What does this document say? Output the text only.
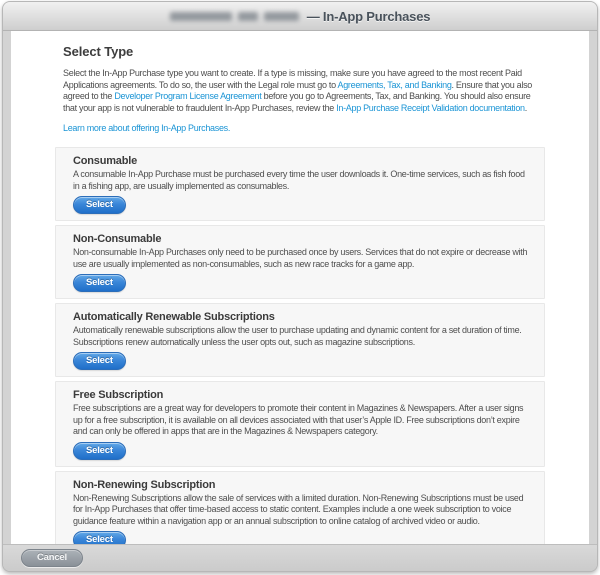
— In-App Purchases
Select Type
Select the In-App Purchase type you want to create. If a type is missing, make sure you have agreed to the most recent Paid Applications agreements. To do so, the user with the Legal role must go to Agreements, Tax, and Banking. Ensure that you also agreed to the Developer Program License Agreement before you go to Agreements, Tax, and Banking. You should also ensure that your app is not vulnerable to fraudulent In-App Purchases, review the In-App Purchase Receipt Validation documentation.
Learn more about offering In-App Purchases.
Consumable
A consumable In-App Purchase must be purchased every time the user downloads it. One-time services, such as fish food in a fishing app, are usually implemented as consumables.
Select
Non-Consumable
Non-consumable In-App Purchases only need to be purchased once by users. Services that do not expire or decrease with use are usually implemented as non-consumables, such as new race tracks for a game app.
Select
Automatically Renewable Subscriptions
Automatically renewable subscriptions allow the user to purchase updating and dynamic content for a set duration of time. Subscriptions renew automatically unless the user opts out, such as magazine subscriptions.
Select
Free Subscription
Free subscriptions are a great way for developers to promote their content in Magazines & Newspapers. After a user signs up for a free subscription, it is available on all devices associated with that user’s Apple ID. Free subscriptions don’t expire and can only be offered in apps that are in the Magazines & Newspapers category.
Select
Non-Renewing Subscription
Non-Renewing Subscriptions allow the sale of services with a limited duration. Non-Renewing Subscriptions must be used for In-App Purchases that offer time-based access to static content. Examples include a one week subscription to voice guidance feature within a navigation app or an annual subscription to online catalog of archived video or audio.
Select
Cancel
